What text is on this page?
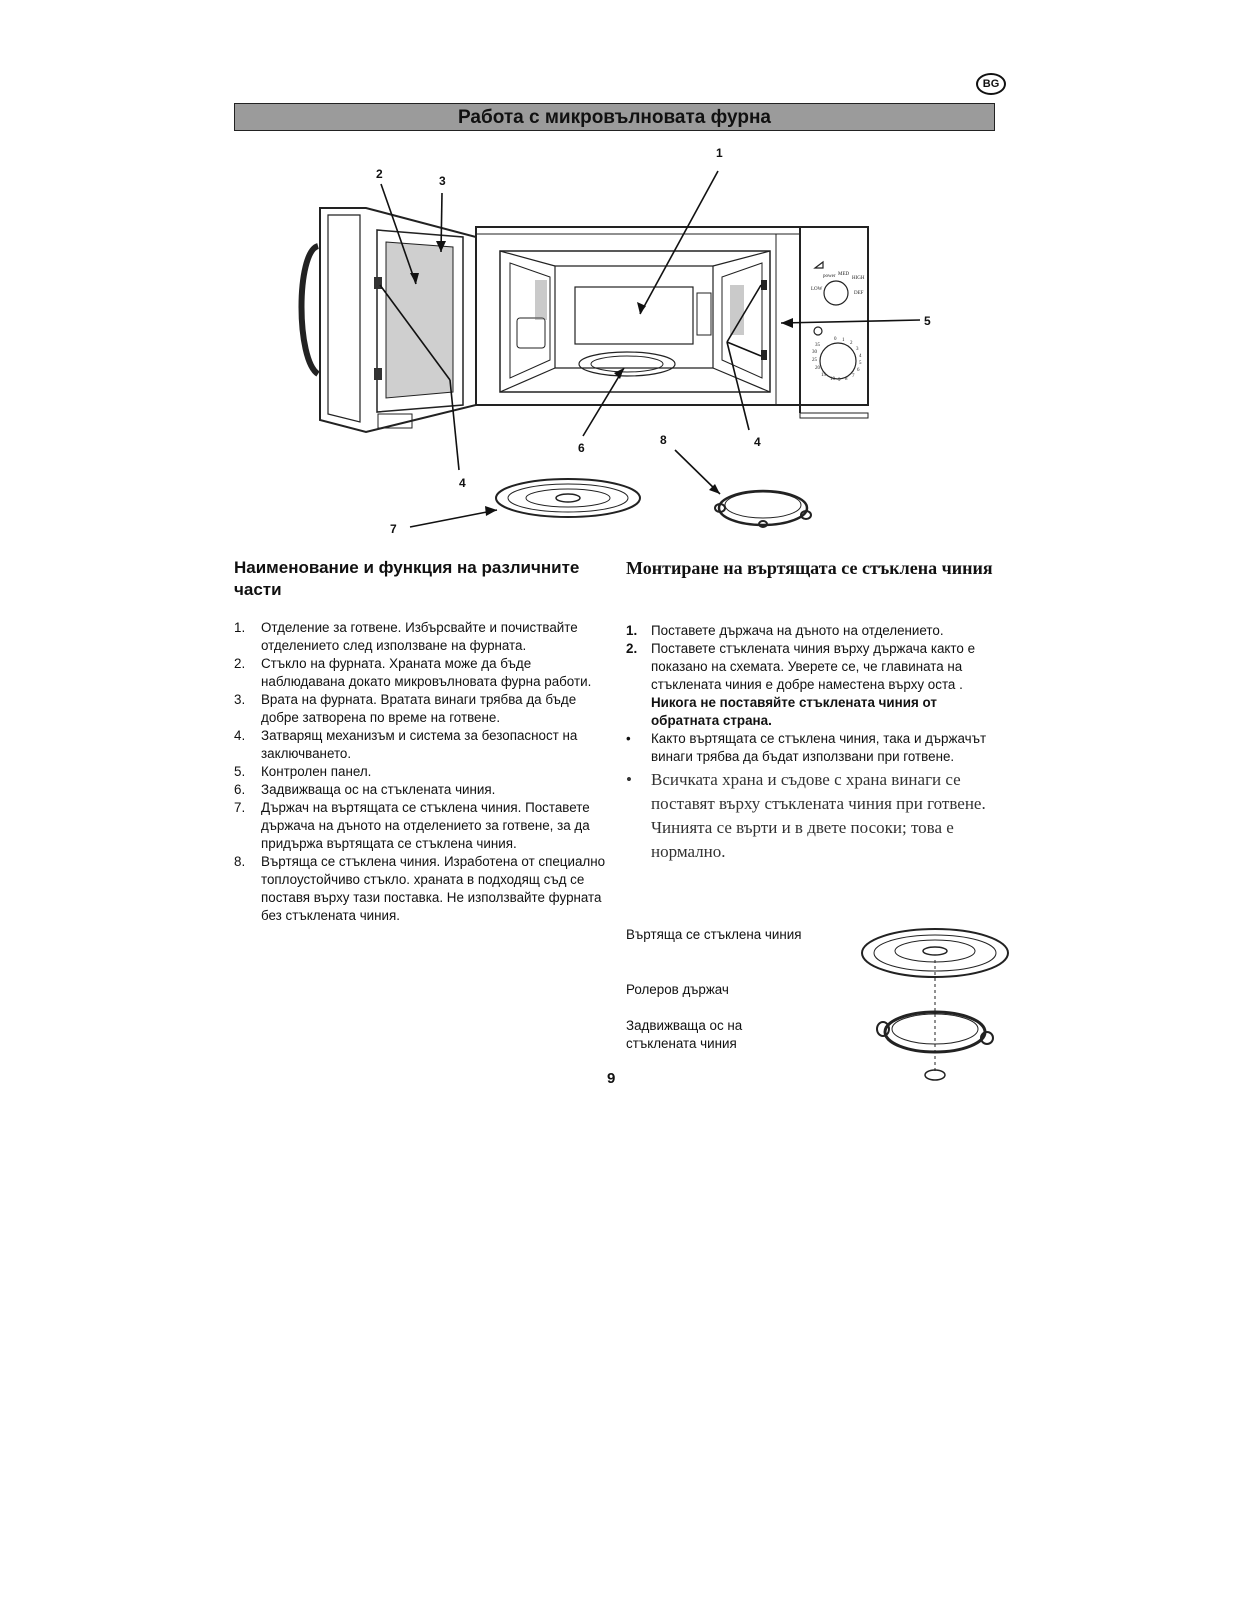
BG
Работа с микровълновата фурна
power MED
HIGH
LOW
DEF
0 1
2
3
4
5
6
7
8
9
10
15
20
25
30
35
1
2	3
4
4
5
6
7
8
Наименование и функция на различните части
1. Отделение за готвене. Избърсвайте и почиствайте отделението след използване на фурната.
2. Стъкло на фурната. Храната може да бъде наблюдавана докато микровълновата фурна работи.
3. Врата на фурната. Вратата винаги трябва да бъде добре затворена по време на готвене.
4. Затварящ механизъм и система за безопасност на заключването.
5. Контролен панел.
6. Задвижваща ос на стъклената чиния.
7. Държач на въртящата се стъклена чиния. Поставете държача на дъното на отделението за готвене, за да придържа въртящата се стъклена чиния.
8. Въртяща се стъклена чиния. Изработена от специално топлоустойчиво стъкло. храната в подходящ съд се поставя върху тази поставка. Не използвайте фурната без стъклената чиния.
Монтиране на въртящата се стъклена чиния
1. Поставете държача на дъното на отделението.
2. Поставете стъклената чиния върху държача както е показано на схемата. Уверете се, че главината на стъклената чиния е добре наместена върху оста . Никога не поставяйте стъклената чиния от обратната страна.
• Както въртящата се стъклена чиния, така и държачът винаги трябва да бъдат използвани при готвене.
• Всичката храна и съдове с храна винаги се поставят върху стъклената чиния при готвене. Чинията се върти и в двете посоки; това е нормално.
Въртяща се стъклена чиния
Ролеров държач
Задвижваща ос на стъклената чиния
9
